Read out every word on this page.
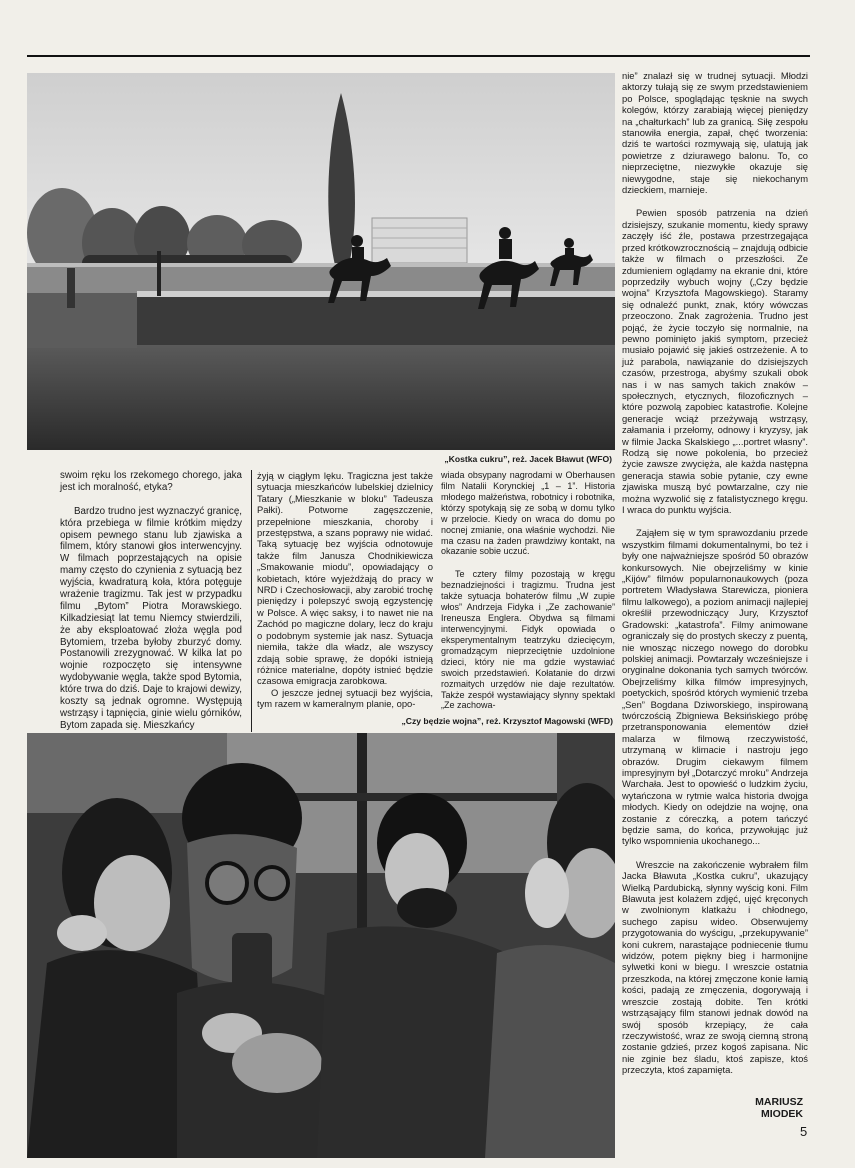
„Kostka cukru”, reż. Jacek Bławut (WFO)

swoim ręku los rzekomego chorego, jaka jest ich moralność, etyka?

Bardzo trudno jest wyznaczyć granicę, która przebiega w filmie krótkim między opisem pewnego stanu lub zjawiska a filmem, który stanowi głos interwencyjny. W filmach poprzestających na opisie mamy często do czynienia z sytuacją bez wyjścia, kwadraturą koła, która potęguje wrażenie tragizmu. Tak jest w przypadku filmu „Bytom” Piotra Morawskiego. Kilkadziesiąt lat temu Niemcy stwierdzili, że aby eksploatować złoża węgla pod Bytomiem, trzeba byłoby zburzyć domy. Postanowili zrezygnować. W kilka lat po wojnie rozpoczęto się intensywne wydobywanie węgla, także spod Bytomia, które trwa do dziś. Daje to krajowi dewizy, koszty są jednak ogromne. Występują wstrząsy i tąpnięcia, ginie wielu górników, Bytom zapada się. Mieszkańcy

żyją w ciągłym lęku. Tragiczna jest także sytuacja mieszkańców lubelskiej dzielnicy Tatary („Mieszkanie w bloku” Tadeusza Pałki). Potworne zagęszczenie, przepełnione mieszkania, choroby i przestępstwa, a szans poprawy nie widać. Taką sytuację bez wyjścia odnotowuje także film Janusza Chodnikiewicza „Smakowanie miodu”, opowiadający o kobietach, które wyjeżdżają do pracy w NRD i Czechosłowacji, aby zarobić trochę pieniędzy i polepszyć swoją egzystencję w Polsce. A więc saksy, i to nawet nie na Zachód po magiczne dolary, lecz do kraju o podobnym systemie jak nasz. Sytuacja niemiła, także dla władz, ale wszyscy zdają sobie sprawę, że dopóki istnieją różnice materialne, dopóty istnieć będzie czasowa emigracja zarobkowa.

O jeszcze jednej sytuacji bez wyjścia, tym razem w kameralnym planie, opo-

wiada obsypany nagrodami w Oberhausen film Natalii Korynckiej „1 – 1”. Historia młodego małżeństwa, robotnicy i robotnika, którzy spotykają się ze sobą w domu tylko w przelocie. Kiedy on wraca do domu po nocnej zmianie, ona właśnie wychodzi. Nie ma czasu na żaden prawdziwy kontakt, na okazanie sobie uczuć.

Te cztery filmy pozostają w kręgu beznadziejności i tragizmu. Trudna jest także sytuacja bohaterów filmu „W zupie włos” Andrzeja Fidyka i „Ze zachowanie” Ireneusza Englera. Obydwa są filmami interwencyjnymi. Fidyk opowiada o eksperymentalnym teatrzyku dziecięcym, gromadzącym nieprzeciętnie uzdolnione dzieci, który nie ma gdzie wystawiać swoich przedstawień. Kołatanie do drzwi rozmaitych urzędów nie daje rezultatów. Także zespół wystawiający słynny spektakl „Ze zachowa-

„Czy będzie wojna”, reż. Krzysztof Magowski (WFD)

nie” znalazł się w trudnej sytuacji. Młodzi aktorzy tułają się ze swym przedstawieniem po Polsce, spoglądając tęsknie na swych kolegów, którzy zarabiają więcej pieniędzy na „chałturkach” lub za granicą. Siłę zespołu stanowiła energia, zapał, chęć tworzenia: dziś te wartości rozmywają się, ulatują jak powietrze z dziurawego balonu. To, co nieprzeciętne, niezwykłe okazuje się niewygodne, staje się niekochanym dzieckiem, marnieje.

Pewien sposób patrzenia na dzień dzisiejszy, szukanie momentu, kiedy sprawy zaczęły iść źle, postawa przestrzegająca przed krótkowzrocznością – znajdują odbicie także w filmach o przeszłości. Ze zdumieniem oglądamy na ekranie dni, które poprzedziły wybuch wojny („Czy będzie wojna” Krzysztofa Magowskiego). Staramy się odnaleźć punkt, znak, który wówczas przeoczono. Znak zagrożenia. Trudno jest pojąć, że życie toczyło się normalnie, na pewno pominięto jakiś symptom, przecież musiało pojawić się jakieś ostrzeżenie. A to już parabola, nawiązanie do dzisiejszych czasów, przestroga, abyśmy szukali obok nas i w nas samych takich znaków – społecznych, etycznych, filozoficznych – które pozwolą zapobiec katastrofie. Kolejne generacje wciąż przeżywają wstrząsy, załamania i przełomy, odnowy i kryzysy, jak w filmie Jacka Skalskiego „...portret własny”. Rodzą się nowe pokolenia, bo przecież życie zawsze zwycięża, ale każda następna generacja stawia sobie pytanie, czy ewne zjawiska muszą być powtarzalne, czy nie można wyzwolić się z fatalistycznego kręgu. I wraca do punktu wyjścia.

Zająłem się w tym sprawozdaniu przede wszystkim filmami dokumentalnymi, bo też i były one najważniejsze spośród 50 obrazów konkursowych. Nie obejrzeliśmy w kinie „Kijów” filmów popularnonaukowych (poza portretem Władysława Starewicza, pioniera filmu lalkowego), a poziom animacji najlepiej określił przewodniczący Jury, Krzysztof Gradowski: „katastrofa”. Filmy animowane ograniczały się do prostych skeczy z puentą, nie wnosząc niczego nowego do dorobku polskiej animacji. Powtarzały wcześniejsze i oryginalne dokonania tych samych twórców. Obejrzeliśmy kilka filmów impresyjnych, poetyckich, spośród których wymienić trzeba „Sen” Bogdana Dziworskiego, inspirowaną twórczością Zbigniewa Beksińskiego próbę przetransponowania elementów dzieł malarza w filmową rzeczywistość, utrzymaną w klimacie i nastroju jego obrazów. Drugim ciekawym filmem impresyjnym był „Dotarczyć mroku” Andrzeja Warchała. Jest to opowieść o ludzkim życiu, wytańczona w rytmie walca historia dwojga młodych. Kiedy on odejdzie na wojnę, ona zostanie z córeczką, a potem tańczyć będzie sama, do końca, przywołując już tylko wspomnienia ukochanego...

Wreszcie na zakończenie wybrałem film Jacka Bławuta „Kostka cukru”, ukazujący Wielką Pardubicką, słynny wyścig koni. Film Bławuta jest kolażem zdjęć, ujęć kręconych w zwolnionym klatkażu i chłodnego, suchego zapisu wideo. Obserwujemy przygotowania do wyścigu, „przekupywanie” koni cukrem, narastające podniecenie tłumu widzów, potem piękny bieg i harmonijne sylwetki koni w biegu. I wreszcie ostatnia przeszkoda, na której zmęczone konie łamią kości, padają ze zmęczenia, dogorywają i wreszcie zostają dobite. Ten krótki wstrząsający film stanowi jednak dowód na swój sposób krzepiący, że cała rzeczywistość, wraz ze swoją ciemną stroną zostanie gdzieś, przez kogoś zapisana. Nic nie zginie bez śladu, ktoś zapisze, ktoś przeczyta, ktoś zapamięta.

MARIUSZ
MIODEK
5
